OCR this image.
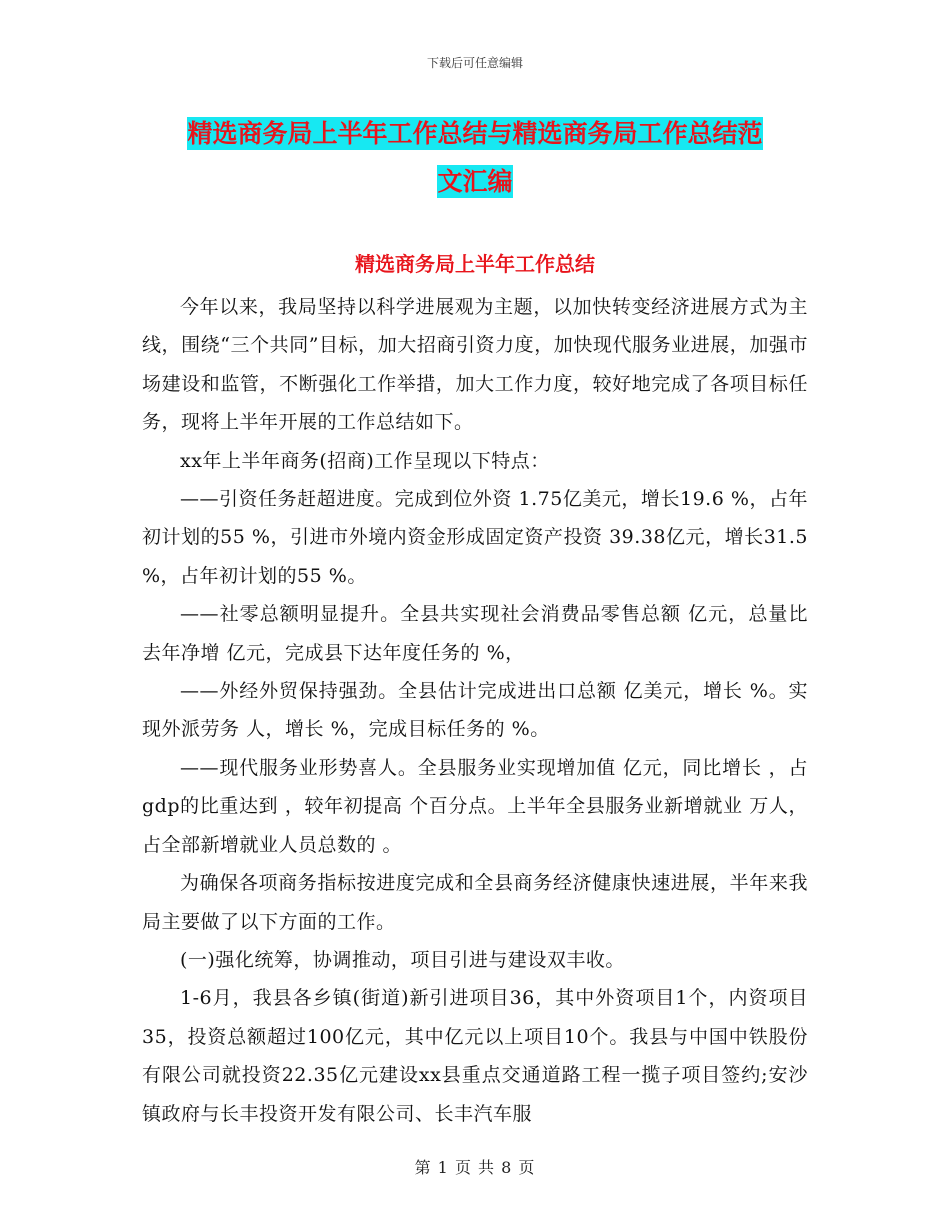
下载后可任意编辑
精选商务局上半年工作总结与精选商务局工作总结范
文汇编
精选商务局上半年工作总结

今年以来，我局坚持以科学进展观为主题，以加快转变经济进展方式为主线，围绕“三个共同”目标，加大招商引资力度，加快现代服务业进展，加强市场建设和监管，不断强化工作举措，加大工作力度，较好地完成了各项目标任务，现将上半年开展的工作总结如下。

xx年上半年商务(招商)工作呈现以下特点：

——引资任务赶超进度。完成到位外资 1.75亿美元，增长19.6 %，占年初计划的55 %，引进市外境内资金形成固定资产投资 39.38亿元，增长31.5 %，占年初计划的55 %。

——社零总额明显提升。全县共实现社会消费品零售总额 亿元，总量比去年净增 亿元，完成县下达年度任务的 %，

——外经外贸保持强劲。全县估计完成进出口总额 亿美元，增长 %。实现外派劳务 人，增长 %，完成目标任务的 %。

——现代服务业形势喜人。全县服务业实现增加值 亿元，同比增长 ，占gdp的比重达到 ，较年初提高 个百分点。上半年全县服务业新增就业 万人，占全部新增就业人员总数的 。

为确保各项商务指标按进度完成和全县商务经济健康快速进展，半年来我局主要做了以下方面的工作。

(一)强化统筹，协调推动，项目引进与建设双丰收。

1-6月，我县各乡镇(街道)新引进项目36，其中外资项目1个，内资项目35，投资总额超过100亿元，其中亿元以上项目10个。我县与中国中铁股份有限公司就投资22.35亿元建设xx县重点交通道路工程一揽子项目签约;安沙镇政府与长丰投资开发有限公司、长丰汽车服

第 1 页 共 8 页
